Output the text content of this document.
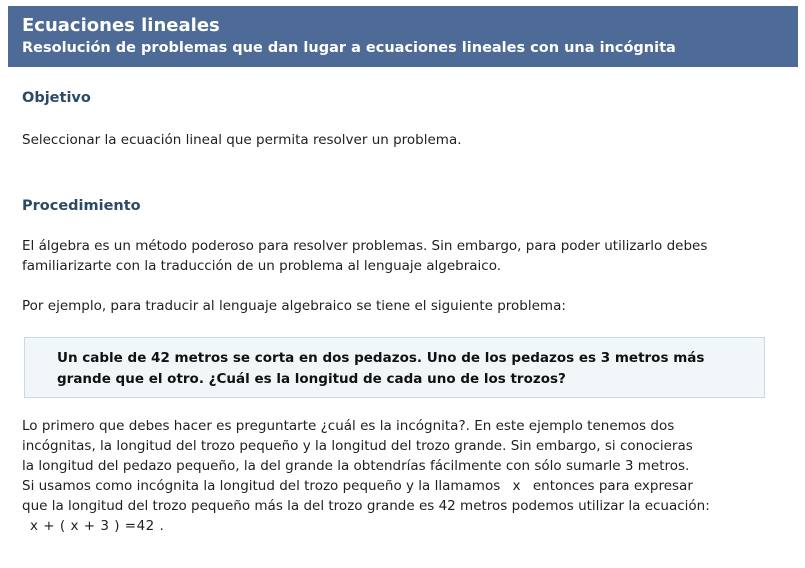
Ecuaciones lineales
Resolución de problemas que dan lugar a ecuaciones lineales con una incógnita
Objetivo
Seleccionar la ecuación lineal que permita resolver un problema.
Procedimiento
El álgebra es un método poderoso para resolver problemas. Sin embargo, para poder utilizarlo debes
familiarizarte con la traducción de un problema al lenguaje algebraico.
Por ejemplo, para traducir al lenguaje algebraico se tiene el siguiente problema:
Lo primero que debes hacer es preguntarte ¿cuál es la incógnita?. En este ejemplo tenemos dos
incógnitas, la longitud del trozo pequeño y la longitud del trozo grande. Sin embargo, si conocieras
la longitud del pedazo pequeño, la del grande la obtendrías fácilmente con sólo sumarle 3 metros.
Si usamos como incógnita la longitud del trozo pequeño y la llamamos x entonces para expresar
que la longitud del trozo pequeño más la del trozo grande es 42 metros podemos utilizar la ecuación:
x + ( x + 3 ) =42 .
Un cable de 42 metros se corta en dos pedazos. Uno de los pedazos es 3 metros más
grande que el otro. ¿Cuál es la longitud de cada uno de los trozos?
